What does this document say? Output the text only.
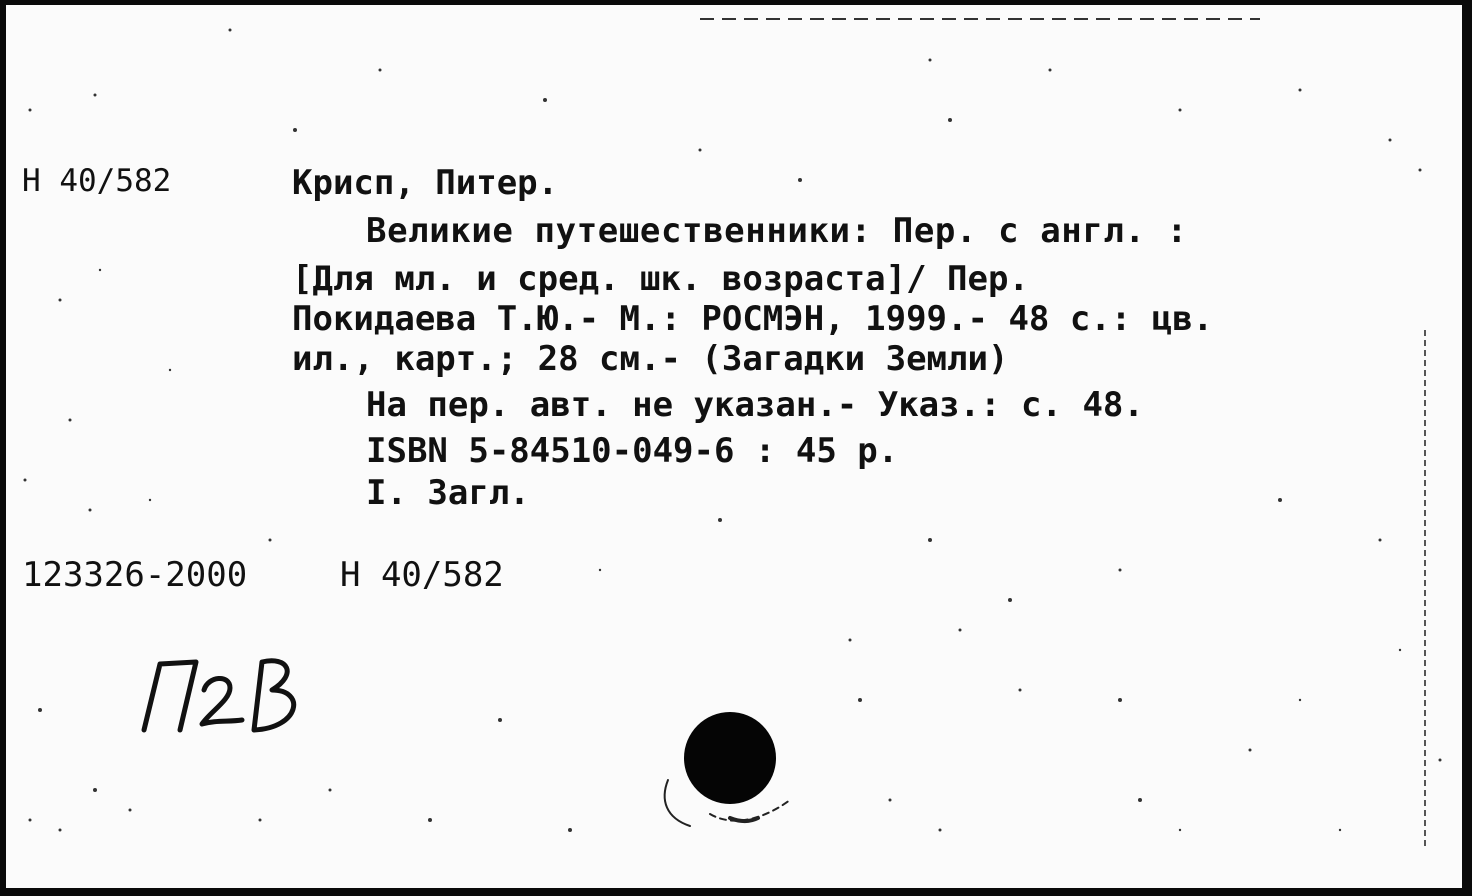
Н 40/582	Крисп, Питер.
Великие путешественники: Пер. с англ. :
[Для мл. и сред. шк. возраста]/ Пер.
Покидаева Т.Ю.- М.: РОСМЭН, 1999.- 48 с.: цв.
ил., карт.; 28 см.- (Загадки Земли)
На пер. авт. не указан.- Указ.: с. 48.
ISBN 5-84510-049-6 : 45 р.
I. Загл.
123326-2000	Н 40/582
